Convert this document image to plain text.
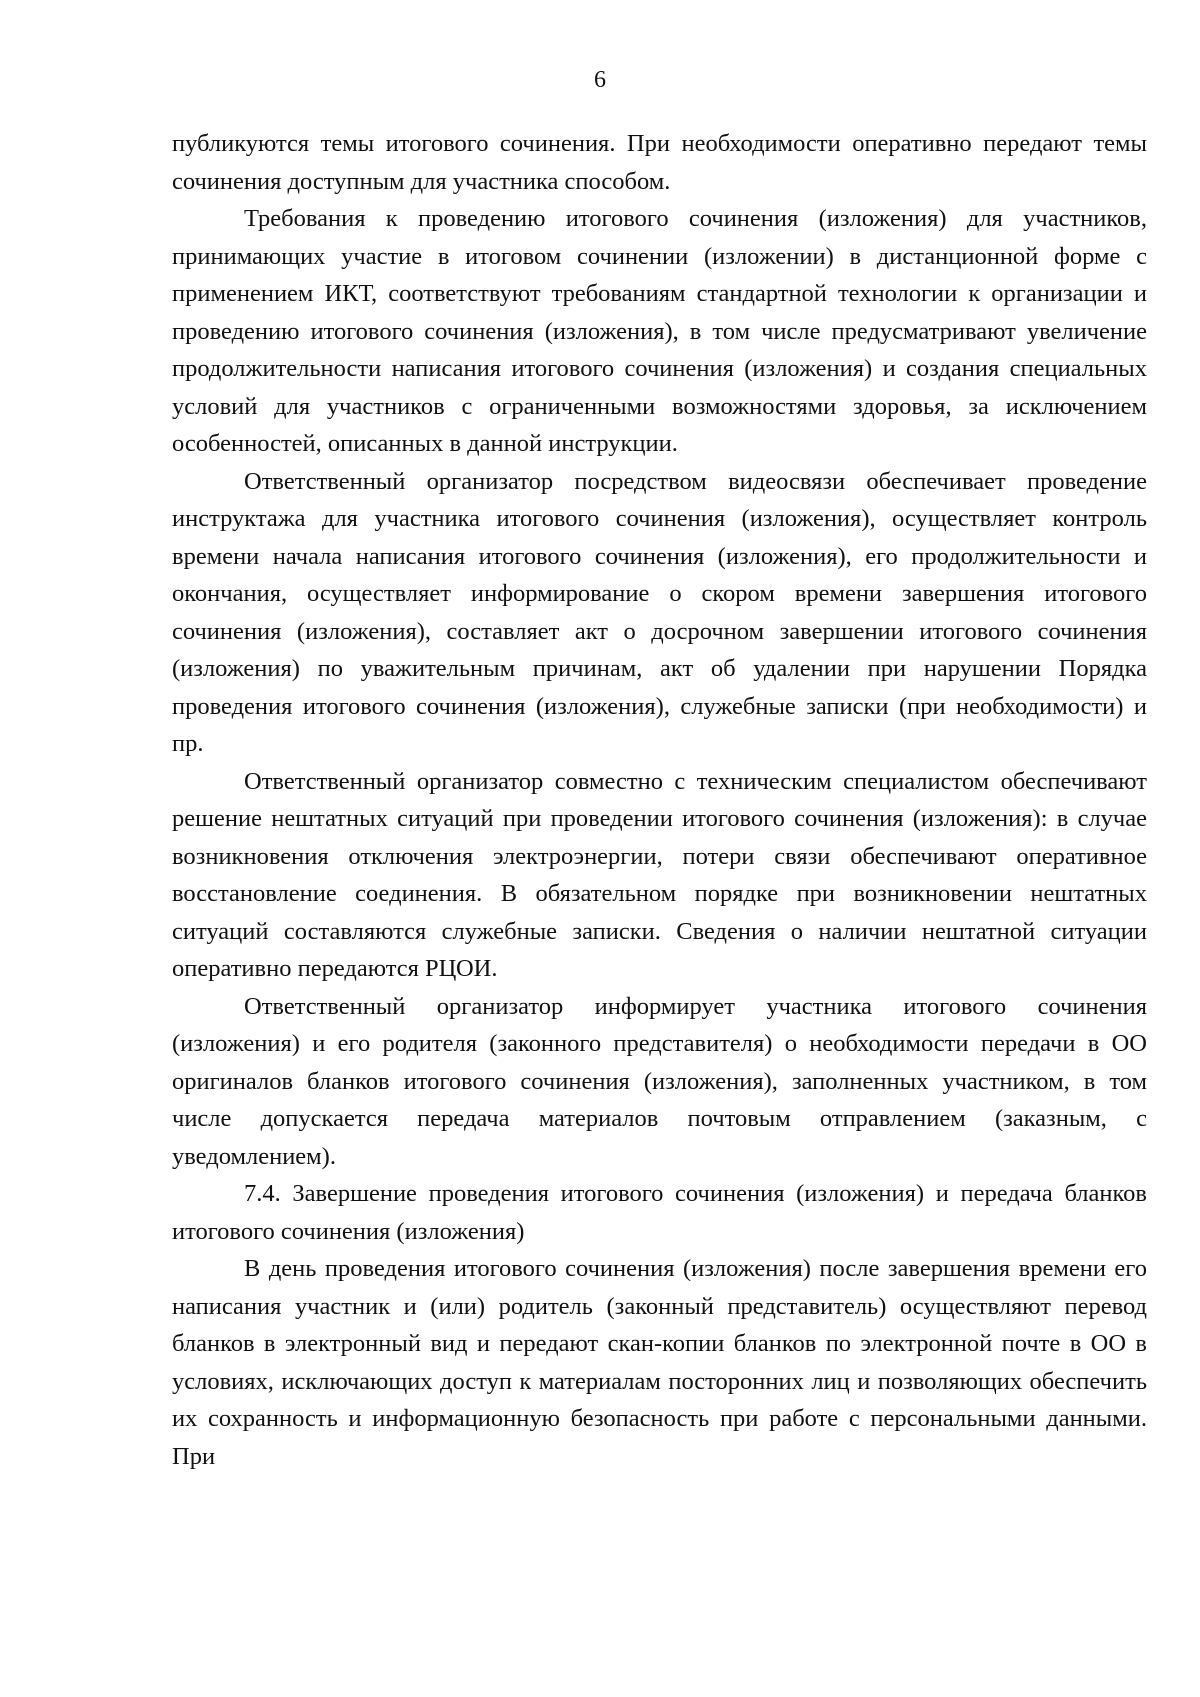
6

публикуются темы итогового сочинения. При необходимости оперативно передают темы сочинения доступным для участника способом.

Требования к проведению итогового сочинения (изложения) для участников, принимающих участие в итоговом сочинении (изложении) в дистанционной форме с применением ИКТ, соответствуют требованиям стандартной технологии к организации и проведению итогового сочинения (изложения), в том числе предусматривают увеличение продолжительности написания итогового сочинения (изложения) и создания специальных условий для участников с ограниченными возможностями здоровья, за исключением особенностей, описанных в данной инструкции.

Ответственный организатор посредством видеосвязи обеспечивает проведение инструктажа для участника итогового сочинения (изложения), осуществляет контроль времени начала написания итогового сочинения (изложения), его продолжительности и окончания, осуществляет информирование о скором времени завершения итогового сочинения (изложения), составляет акт о досрочном завершении итогового сочинения (изложения) по уважительным причинам, акт об удалении при нарушении Порядка проведения итогового сочинения (изложения), служебные записки (при необходимости) и пр.

Ответственный организатор совместно с техническим специалистом обеспечивают решение нештатных ситуаций при проведении итогового сочинения (изложения): в случае возникновения отключения электроэнергии, потери связи обеспечивают оперативное восстановление соединения. В обязательном порядке при возникновении нештатных ситуаций составляются служебные записки. Сведения о наличии нештатной ситуации оперативно передаются РЦОИ.

Ответственный организатор информирует участника итогового сочинения (изложения) и его родителя (законного представителя) о необходимости передачи в ОО оригиналов бланков итогового сочинения (изложения), заполненных участником, в том числе допускается передача материалов почтовым отправлением (заказным, с уведомлением).

7.4. Завершение проведения итогового сочинения (изложения) и передача бланков итогового сочинения (изложения)

В день проведения итогового сочинения (изложения) после завершения времени его написания участник и (или) родитель (законный представитель) осуществляют перевод бланков в электронный вид и передают скан-копии бланков по электронной почте в ОО в условиях, исключающих доступ к материалам посторонних лиц и позволяющих обеспечить их сохранность и информационную безопасность при работе с персональными данными. При
